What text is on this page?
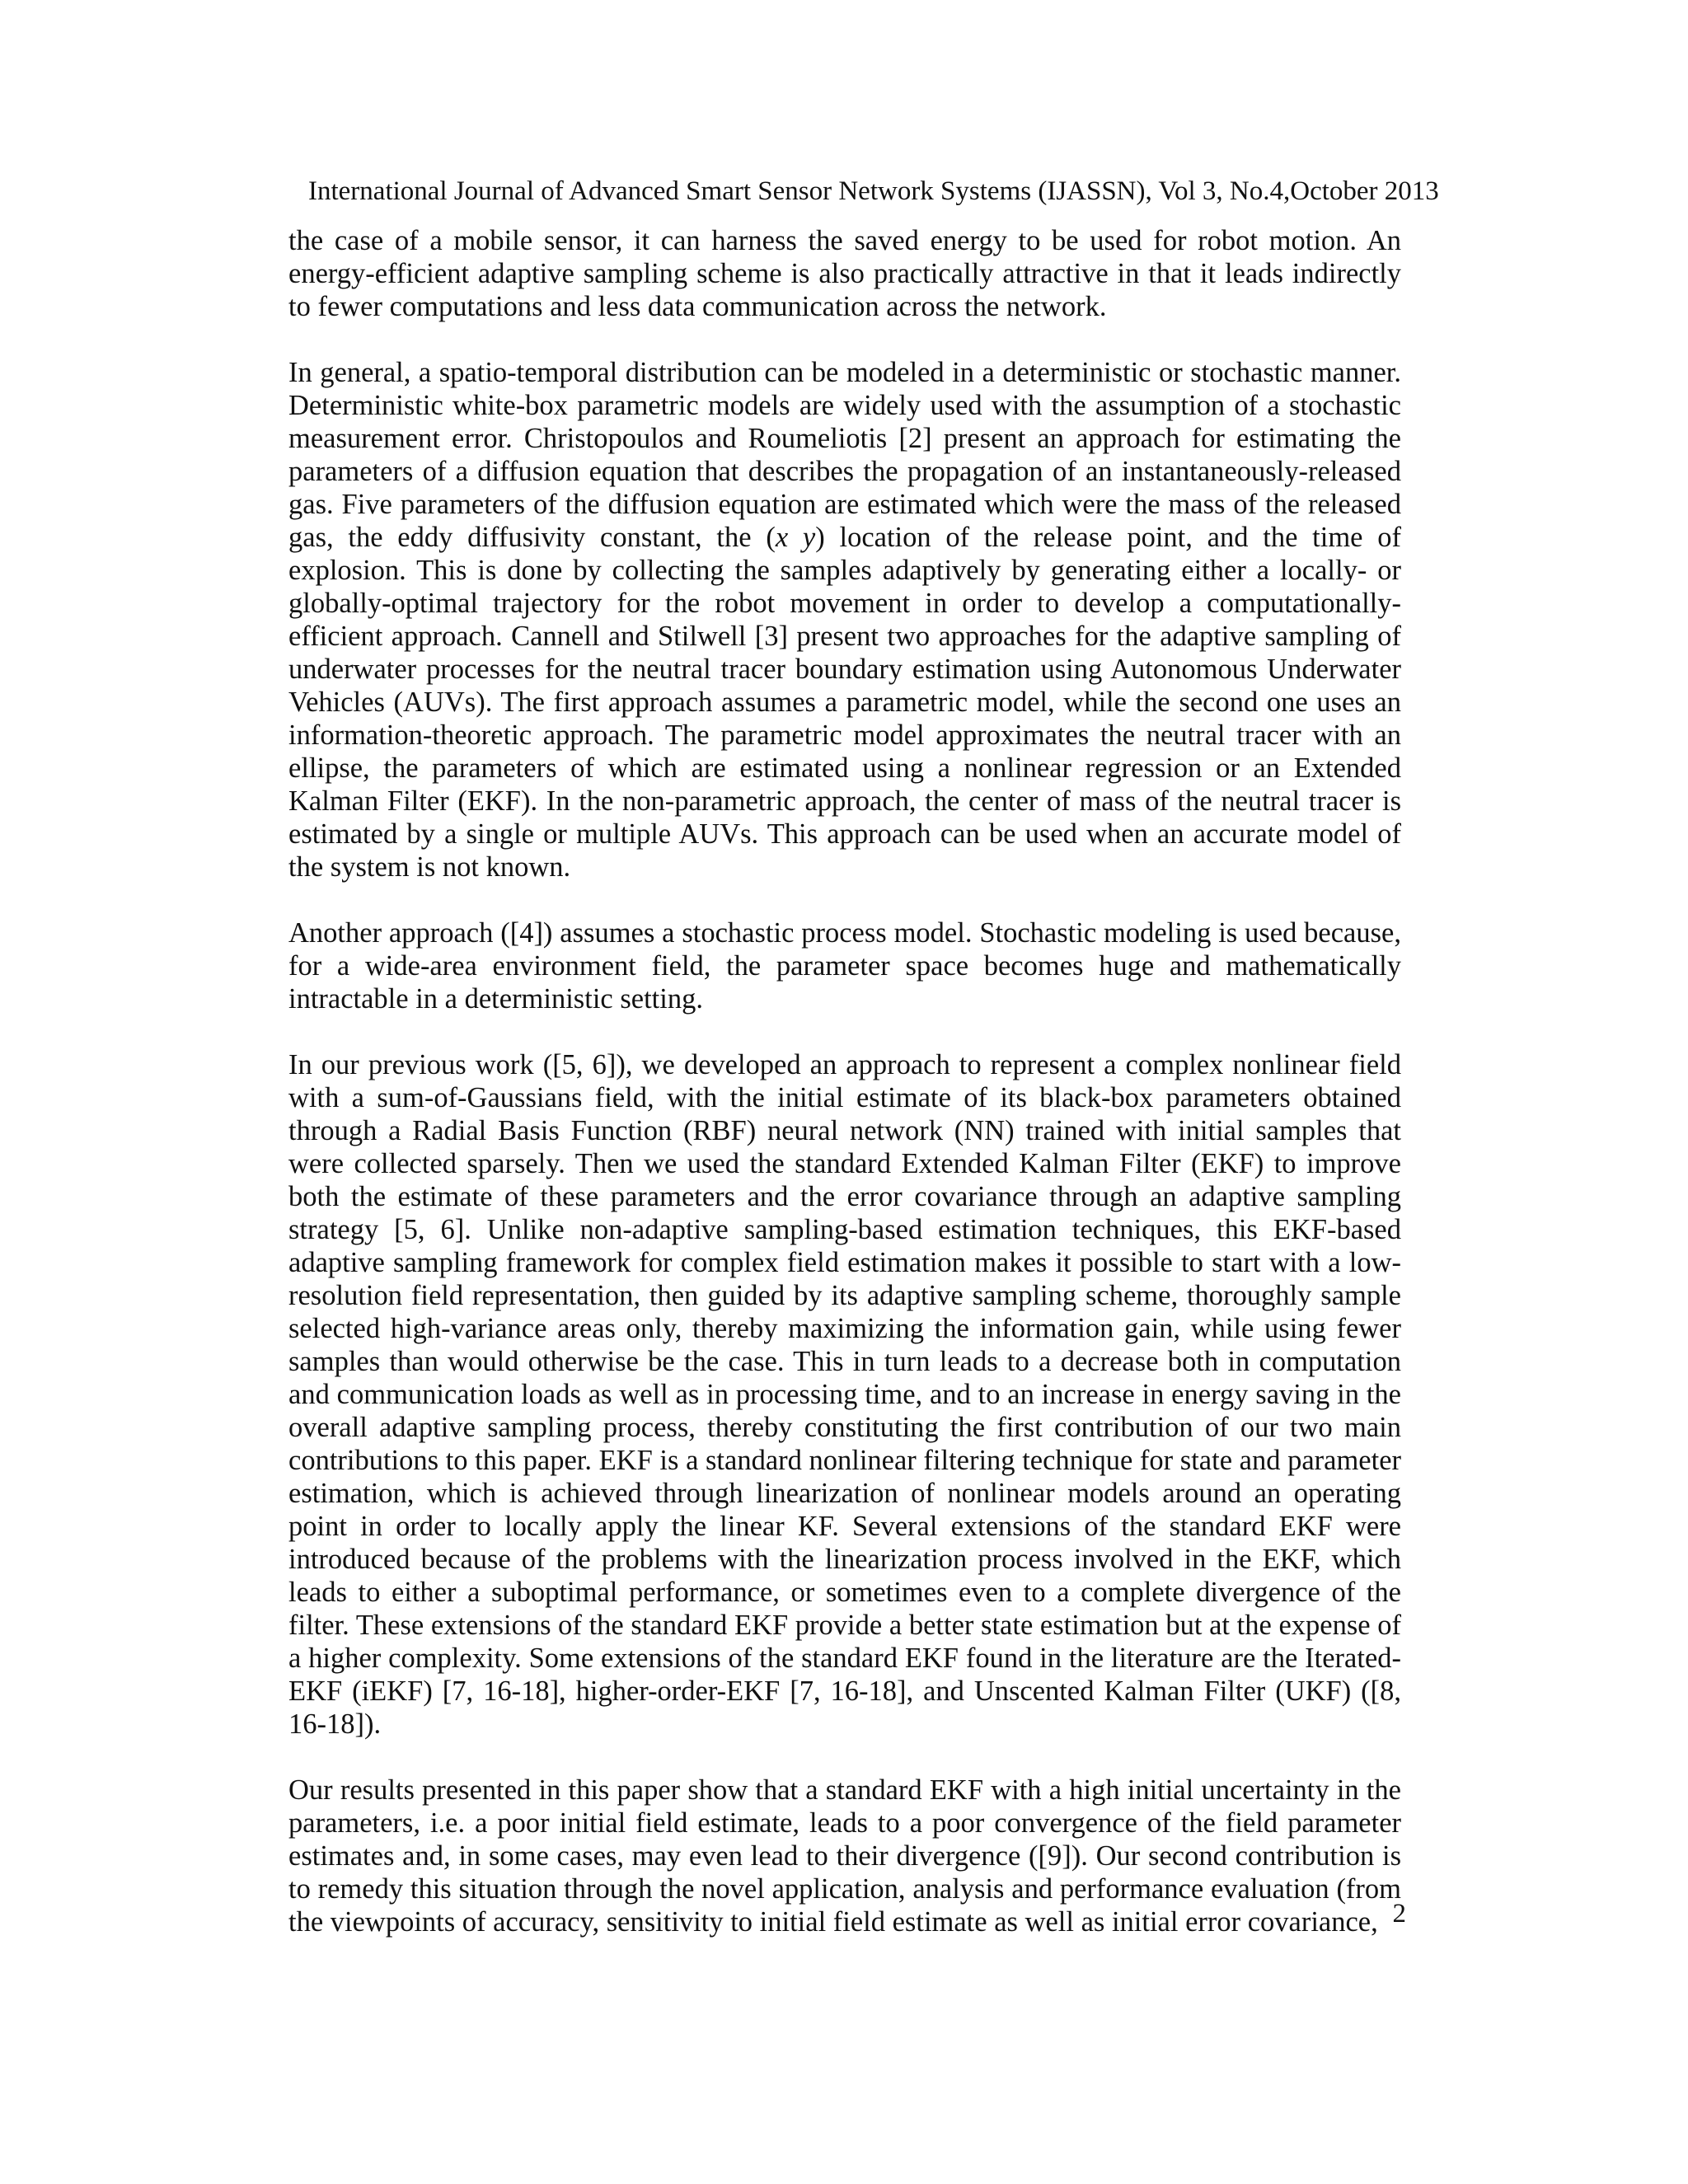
International Journal of Advanced Smart Sensor Network Systems (IJASSN), Vol 3, No.4,October 2013

the case of a mobile sensor, it can harness the saved energy to be used for robot motion. An energy-efficient adaptive sampling scheme is also practically attractive in that it leads indirectly to fewer computations and less data communication across the network.

In general, a spatio-temporal distribution can be modeled in a deterministic or stochastic manner. Deterministic white-box parametric models are widely used with the assumption of a stochastic measurement error. Christopoulos and Roumeliotis [2] present an approach for estimating the parameters of a diffusion equation that describes the propagation of an instantaneously-released gas. Five parameters of the diffusion equation are estimated which were the mass of the released gas, the eddy diffusivity constant, the (x y) location of the release point, and the time of explosion. This is done by collecting the samples adaptively by generating either a locally- or globally-optimal trajectory for the robot movement in order to develop a computationally-efficient approach. Cannell and Stilwell [3] present two approaches for the adaptive sampling of underwater processes for the neutral tracer boundary estimation using Autonomous Underwater Vehicles (AUVs). The first approach assumes a parametric model, while the second one uses an information-theoretic approach. The parametric model approximates the neutral tracer with an ellipse, the parameters of which are estimated using a nonlinear regression or an Extended Kalman Filter (EKF). In the non-parametric approach, the center of mass of the neutral tracer is estimated by a single or multiple AUVs. This approach can be used when an accurate model of the system is not known.

Another approach ([4]) assumes a stochastic process model. Stochastic modeling is used because, for a wide-area environment field, the parameter space becomes huge and mathematically intractable in a deterministic setting.

In our previous work ([5, 6]), we developed an approach to represent a complex nonlinear field with a sum-of-Gaussians field, with the initial estimate of its black-box parameters obtained through a Radial Basis Function (RBF) neural network (NN) trained with initial samples that were collected sparsely. Then we used the standard Extended Kalman Filter (EKF) to improve both the estimate of these parameters and the error covariance through an adaptive sampling strategy [5, 6]. Unlike non-adaptive sampling-based estimation techniques, this EKF-based adaptive sampling framework for complex field estimation makes it possible to start with a low-resolution field representation, then guided by its adaptive sampling scheme, thoroughly sample selected high-variance areas only, thereby maximizing the information gain, while using fewer samples than would otherwise be the case. This in turn leads to a decrease both in computation and communication loads as well as in processing time, and to an increase in energy saving in the overall adaptive sampling process, thereby constituting the first contribution of our two main contributions to this paper. EKF is a standard nonlinear filtering technique for state and parameter estimation, which is achieved through linearization of nonlinear models around an operating point in order to locally apply the linear KF. Several extensions of the standard EKF were introduced because of the problems with the linearization process involved in the EKF, which leads to either a suboptimal performance, or sometimes even to a complete divergence of the filter. These extensions of the standard EKF provide a better state estimation but at the expense of a higher complexity. Some extensions of the standard EKF found in the literature are the Iterated-EKF (iEKF) [7, 16-18], higher-order-EKF [7, 16-18], and Unscented Kalman Filter (UKF) ([8, 16-18]).

Our results presented in this paper show that a standard EKF with a high initial uncertainty in the parameters, i.e. a poor initial field estimate, leads to a poor convergence of the field parameter estimates and, in some cases, may even lead to their divergence ([9]). Our second contribution is to remedy this situation through the novel application, analysis and performance evaluation (from the viewpoints of accuracy, sensitivity to initial field estimate as well as initial error covariance, 2
